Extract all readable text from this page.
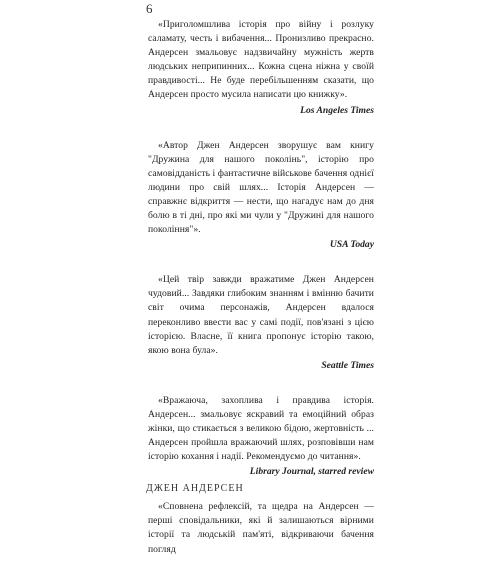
6

«Приголомшлива історія про війну і розлуку саламату, честь і вибачення... Пронизливо прекрасно. Андерсен змальовує надзвичайну мужність жертв людських неприпинних... Кожна сцена ніжна у своїй правдивості... Не буде перебільшенням сказати, що Андерсен просто мусила написати цю книжку».

Los Angeles Times

«Автор Джен Андерсен зворушує вам книгу "Дружина для нашого поколінь", історію про самовідданість і фантастичне військове бачення однієї людини про свій шлях... Історія Андерсен — справжнє відкриття — нести, що нагадує нам до дня болю в ті дні, про які ми чули у "Дружині для нашого покоління"».

USA Today

«Цей твір завжди вражатиме Джен Андерсен чудовий... Завдяки глибоким знанням і вмінню бачити світ очима персонажів, Андерсен вдалося переконливо ввести вас у самі події, пов'язані з цією історією. Власне, її книга пропонує історію такою, якою вона була».

Seattle Times

«Вражаюча, захоплива і правдива історія. Андерсен... змальовує яскравий та емоційний образ жінки, що стикається з великою бідою, жертовність ... Андерсен пройшла вражаючий шлях, розповівши нам історію кохання і надії. Рекомендуємо до читання».

Library Journal, starred review

«Сповнена рефлексій, та щедра на Андерсен — перші сповідальники, які й залишаються вірними історії та людській пам'яті, відкриваючи бачення погляд

ДЖЕН АНДЕРСЕН
